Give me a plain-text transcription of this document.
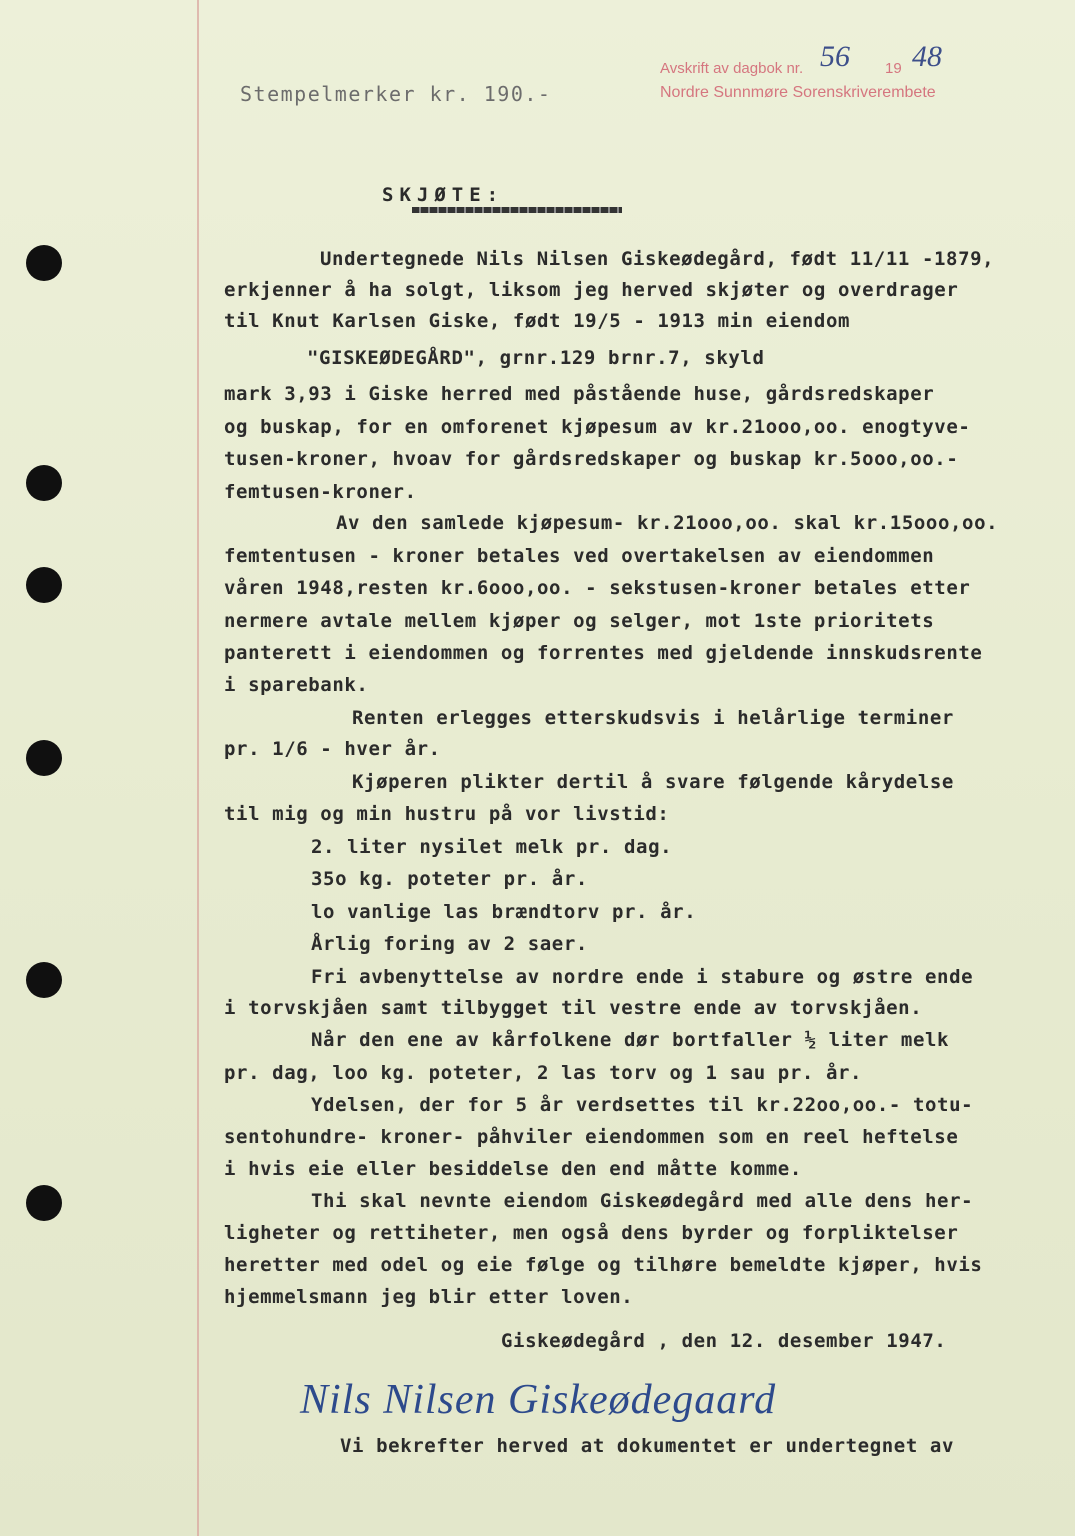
Stempelmerker kr. 190.-
Avskrift av dagbok nr. 56 19 48
Nordre Sunnmøre Sorenskriverembete
SKJØTE:
Undertegnede Nils Nilsen Giskeødegård, født 11/11 -1879,
erkjenner å ha solgt, liksom jeg herved skjøter og overdrager
til Knut Karlsen Giske, født 19/5 - 1913 min eiendom
"GISKEØDEGÅRD", grnr.129 brnr.7, skyld
mark 3,93 i Giske herred med påstående huse, gårdsredskaper
og buskap, for en omforenet kjøpesum av kr.21ooo,oo. enogtyve-
tusen-kroner, hvoav for gårdsredskaper og buskap kr.5ooo,oo.-
femtusen-kroner.
Av den samlede kjøpesum- kr.21ooo,oo. skal kr.15ooo,oo.
femtentusen - kroner betales ved overtakelsen av eiendommen
våren 1948,resten kr.6ooo,oo. - sekstusen-kroner betales etter
nermere avtale mellem kjøper og selger, mot 1ste prioritets
panterett i eiendommen og forrentes med gjeldende innskudsrente
i sparebank.
Renten erlegges etterskudsvis i helårlige terminer
pr. 1/6 - hver år.
Kjøperen plikter dertil å svare følgende kårydelse
til mig og min hustru på vor livstid:
2. liter nysilet melk pr. dag.
35o kg. poteter pr. år.
lo vanlige las brændtorv pr. år.
Årlig foring av 2 saer.
Fri avbenyttelse av nordre ende i stabure og østre ende
i torvskjåen samt tilbygget til vestre ende av torvskjåen.
Når den ene av kårfolkene dør bortfaller ½ liter melk
pr. dag, loo kg. poteter, 2 las torv og 1 sau pr. år.
Ydelsen, der for 5 år verdsettes til kr.22oo,oo.- totu-
sentohundre- kroner- påhviler eiendommen som en reel heftelse
i hvis eie eller besiddelse den end måtte komme.
Thi skal nevnte eiendom Giskeødegård med alle dens her-
ligheter og rettiheter, men også dens byrder og forpliktelser
heretter med odel og eie følge og tilhøre bemeldte kjøper, hvis
hjemmelsmann jeg blir etter loven.
Giskeødegård , den 12. desember 1947.
Nils Nilsen Giskeødegaard
Vi bekrefter herved at dokumentet er undertegnet av
